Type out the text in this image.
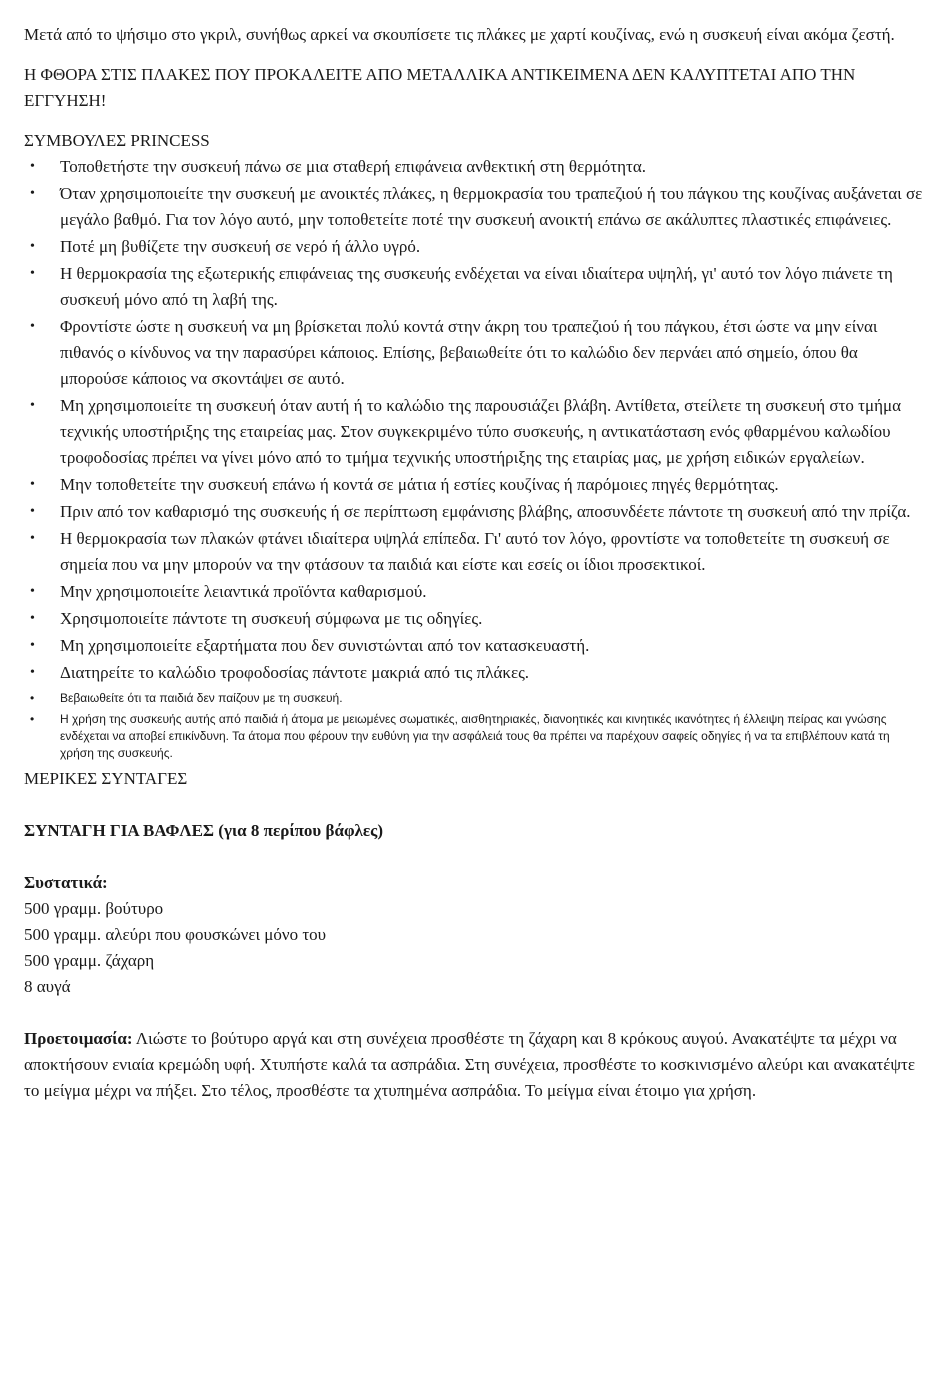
Μετά από το ψήσιμο στο γκριλ, συνήθως αρκεί να σκουπίσετε τις πλάκες με χαρτί κουζίνας, ενώ η συσκευή είναι ακόμα ζεστή.

Η ΦΘΟΡΑ ΣΤΙΣ ΠΛΑΚΕΣ ΠΟΥ ΠΡΟΚΑΛΕΙΤΕ ΑΠΟ ΜΕΤΑΛΛΙΚΑ ΑΝΤΙΚΕΙΜΕΝΑ ΔΕΝ ΚΑΛΥΠΤΕΤΑΙ ΑΠΟ ΤΗΝ ΕΓΓΥΗΣΗ!

ΣΥΜΒΟΥΛΕΣ PRINCESS

• Τοποθετήστε την συσκευή πάνω σε μια σταθερή επιφάνεια ανθεκτική στη θερμότητα.
• Όταν χρησιμοποιείτε την συσκευή με ανοικτές πλάκες, η θερμοκρασία του τραπεζιού ή του πάγκου της κουζίνας αυξάνεται σε μεγάλο βαθμό. Για τον λόγο αυτό, μην τοποθετείτε ποτέ την συσκευή ανοικτή επάνω σε ακάλυπτες πλαστικές επιφάνειες.
• Ποτέ μη βυθίζετε την συσκευή σε νερό ή άλλο υγρό.
• Η θερμοκρασία της εξωτερικής επιφάνειας της συσκευής ενδέχεται να είναι ιδιαίτερα υψηλή, γι' αυτό τον λόγο πιάνετε τη συσκευή μόνο από τη λαβή της.
• Φροντίστε ώστε η συσκευή να μη βρίσκεται πολύ κοντά στην άκρη του τραπεζιού ή του πάγκου, έτσι ώστε να μην είναι πιθανός ο κίνδυνος να την παρασύρει κάποιος. Επίσης, βεβαιωθείτε ότι το καλώδιο δεν περνάει από σημείο, όπου θα μπορούσε κάποιος να σκοντάψει σε αυτό.
• Μη χρησιμοποιείτε τη συσκευή όταν αυτή ή το καλώδιο της παρουσιάζει βλάβη. Αντίθετα, στείλετε τη συσκευή στο τμήμα τεχνικής υποστήριξης της εταιρείας μας. Στον συγκεκριμένο τύπο συσκευής, η αντικατάσταση ενός φθαρμένου καλωδίου τροφοδοσίας πρέπει να γίνει μόνο από το τμήμα τεχνικής υποστήριξης της εταιρίας μας, με χρήση ειδικών εργαλείων.
• Μην τοποθετείτε την συσκευή επάνω ή κοντά σε μάτια ή εστίες κουζίνας ή παρόμοιες πηγές θερμότητας.
• Πριν από τον καθαρισμό της συσκευής ή σε περίπτωση εμφάνισης βλάβης, αποσυνδέετε πάντοτε τη συσκευή από την πρίζα.
• Η θερμοκρασία των πλακών φτάνει ιδιαίτερα υψηλά επίπεδα. Γι' αυτό τον λόγο, φροντίστε να τοποθετείτε τη συσκευή σε σημεία που να μην μπορούν να την φτάσουν τα παιδιά και είστε και εσείς οι ίδιοι προσεκτικοί.
• Μην χρησιμοποιείτε λειαντικά προϊόντα καθαρισμού.
• Χρησιμοποιείτε πάντοτε τη συσκευή σύμφωνα με τις οδηγίες.
• Μη χρησιμοποιείτε εξαρτήματα που δεν συνιστώνται από τον κατασκευαστή.
• Διατηρείτε το καλώδιο τροφοδοσίας πάντοτε μακριά από τις πλάκες.
• Βεβαιωθείτε ότι τα παιδιά δεν παίζουν με τη συσκευή.
• Η χρήση της συσκευής αυτής από παιδιά ή άτομα με μειωμένες σωματικές, αισθητηριακές, διανοητικές και κινητικές ικανότητες ή έλλειψη πείρας και γνώσης ενδέχεται να αποβεί επικίνδυνη. Τα άτομα που φέρουν την ευθύνη για την ασφάλειά τους θα πρέπει να παρέχουν σαφείς οδηγίες ή να τα επιβλέπουν κατά τη χρήση της συσκευής.

ΜΕΡΙΚΕΣ ΣΥΝΤΑΓΕΣ

ΣΥΝΤΑΓΗ ΓΙΑ ΒΑΦΛΕΣ (για 8 περίπου βάφλες)

Συστατικά:
500 γραμμ. βούτυρο
500 γραμμ. αλεύρι που φουσκώνει μόνο του
500 γραμμ. ζάχαρη
8 αυγά

Προετοιμασία: Λιώστε το βούτυρο αργά και στη συνέχεια προσθέστε τη ζάχαρη και 8 κρόκους αυγού. Ανακατέψτε τα μέχρι να αποκτήσουν ενιαία κρεμώδη υφή. Χτυπήστε καλά τα ασπράδια. Στη συνέχεια, προσθέστε το κοσκινισμένο αλεύρι και ανακατέψτε το μείγμα μέχρι να πήξει. Στο τέλος, προσθέστε τα χτυπημένα ασπράδια. Το μείγμα είναι έτοιμο για χρήση.
